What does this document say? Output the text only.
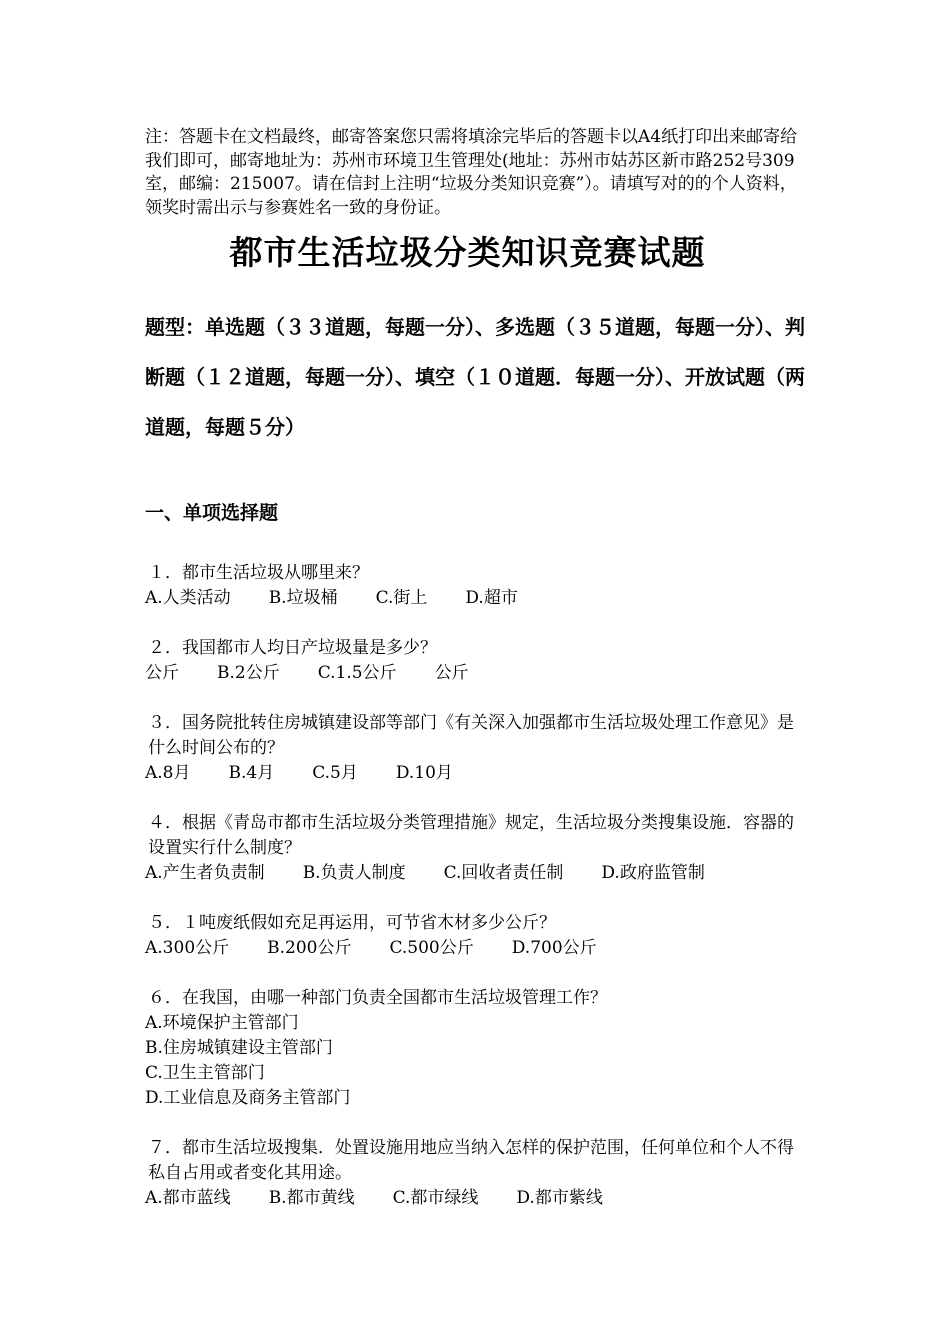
注：答题卡在文档最终，邮寄答案您只需将填涂完毕后的答题卡以A4纸打印出来邮寄给我们即可，邮寄地址为：苏州市环境卫生管理处(地址：苏州市姑苏区新市路252号309室，邮编：215007。请在信封上注明“垃圾分类知识竞赛”）。请填写对的的个人资料，领奖时需出示与参赛姓名一致的身份证。

都市生活垃圾分类知识竞赛试题

题型：单选题（３３道题，每题一分）、多选题（３５道题，每题一分）、判断题（１２道题，每题一分）、填空（１０道题．每题一分）、开放试题（两道题，每题５分）

一、单项选择题

１．都市生活垃圾从哪里来？

A.人类活动 B.垃圾桶 C.街上 D.超市

２．我国都市人均日产垃圾量是多少？

公斤 B.2公斤 C.1.5公斤 公斤

３．国务院批转住房城镇建设部等部门《有关深入加强都市生活垃圾处理工作意见》是什么时间公布的？

A.8月 B.4月 C.5月 D.10月

４．根据《青岛市都市生活垃圾分类管理措施》规定，生活垃圾分类搜集设施．容器的设置实行什么制度？

A.产生者负责制 B.负责人制度 C.回收者责任制 D.政府监管制

５．１吨废纸假如充足再运用，可节省木材多少公斤？

A.300公斤 B.200公斤 C.500公斤 D.700公斤

６．在我国，由哪一种部门负责全国都市生活垃圾管理工作？

A.环境保护主管部门
B.住房城镇建设主管部门
C.卫生主管部门
D.工业信息及商务主管部门

７．都市生活垃圾搜集．处置设施用地应当纳入怎样的保护范围，任何单位和个人不得私自占用或者变化其用途。

A.都市蓝线 B.都市黄线 C.都市绿线 D.都市紫线
